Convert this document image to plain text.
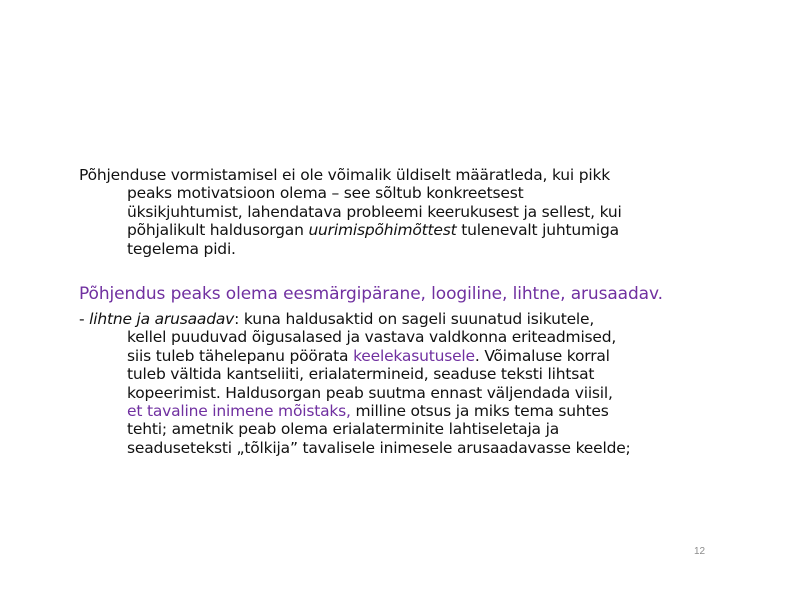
Põhjenduse vormistamisel ei ole võimalik üldiselt määratleda, kui pikk
peaks motivatsioon olema – see sõltub konkreetsest
üksikjuhtumist, lahendatava probleemi keerukusest ja sellest, kui
põhjalikult haldusorgan uurimispõhimõttest tulenevalt juhtumiga
tegelema pidi.
Põhjendus peaks olema eesmärgipärane, loogiline, lihtne, arusaadav.
- lihtne ja arusaadav: kuna haldusaktid on sageli suunatud isikutele,
kellel puuduvad õigusalased ja vastava valdkonna eriteadmised,
siis tuleb tähelepanu pöörata keelekasutusele. Võimaluse korral
tuleb vältida kantseliiti, erialatermineid, seaduse teksti lihtsat
kopeerimist. Haldusorgan peab suutma ennast väljendada viisil,
et tavaline inimene mõistaks, milline otsus ja miks tema suhtes
tehti; ametnik peab olema erialaterminite lahtiseletaja ja
seaduseteksti „tõlkija” tavalisele inimesele arusaadavasse keelde;
12
